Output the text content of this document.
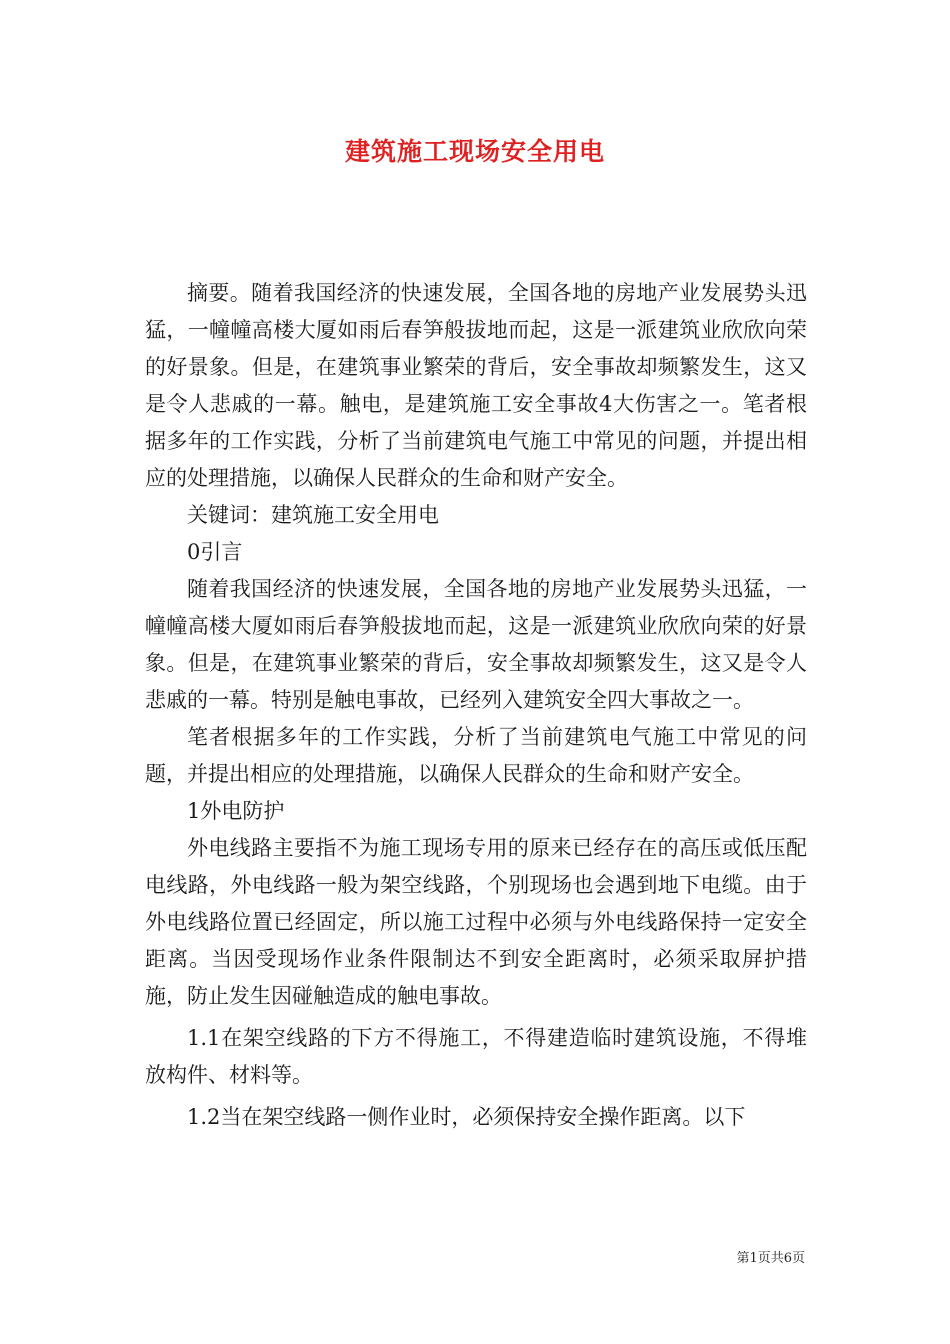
建筑施工现场安全用电

摘要。随着我国经济的快速发展，全国各地的房地产业发展势头迅猛，一幢幢高楼大厦如雨后春笋般拔地而起，这是一派建筑业欣欣向荣的好景象。但是，在建筑事业繁荣的背后，安全事故却频繁发生，这又是令人悲戚的一幕。触电，是建筑施工安全事故4大伤害之一。笔者根据多年的工作实践，分析了当前建筑电气施工中常见的问题，并提出相应的处理措施，以确保人民群众的生命和财产安全。

关键词：建筑施工安全用电

0引言

随着我国经济的快速发展，全国各地的房地产业发展势头迅猛，一幢幢高楼大厦如雨后春笋般拔地而起，这是一派建筑业欣欣向荣的好景象。但是，在建筑事业繁荣的背后，安全事故却频繁发生，这又是令人悲戚的一幕。特别是触电事故，已经列入建筑安全四大事故之一。

笔者根据多年的工作实践，分析了当前建筑电气施工中常见的问题，并提出相应的处理措施，以确保人民群众的生命和财产安全。

1外电防护

外电线路主要指不为施工现场专用的原来已经存在的高压或低压配电线路，外电线路一般为架空线路，个别现场也会遇到地下电缆。由于外电线路位置已经固定，所以施工过程中必须与外电线路保持一定安全距离。当因受现场作业条件限制达不到安全距离时，必须采取屏护措施，防止发生因碰触造成的触电事故。

1.1在架空线路的下方不得施工，不得建造临时建筑设施，不得堆放构件、材料等。

1.2当在架空线路一侧作业时，必须保持安全操作距离。以下

第1页共6页
